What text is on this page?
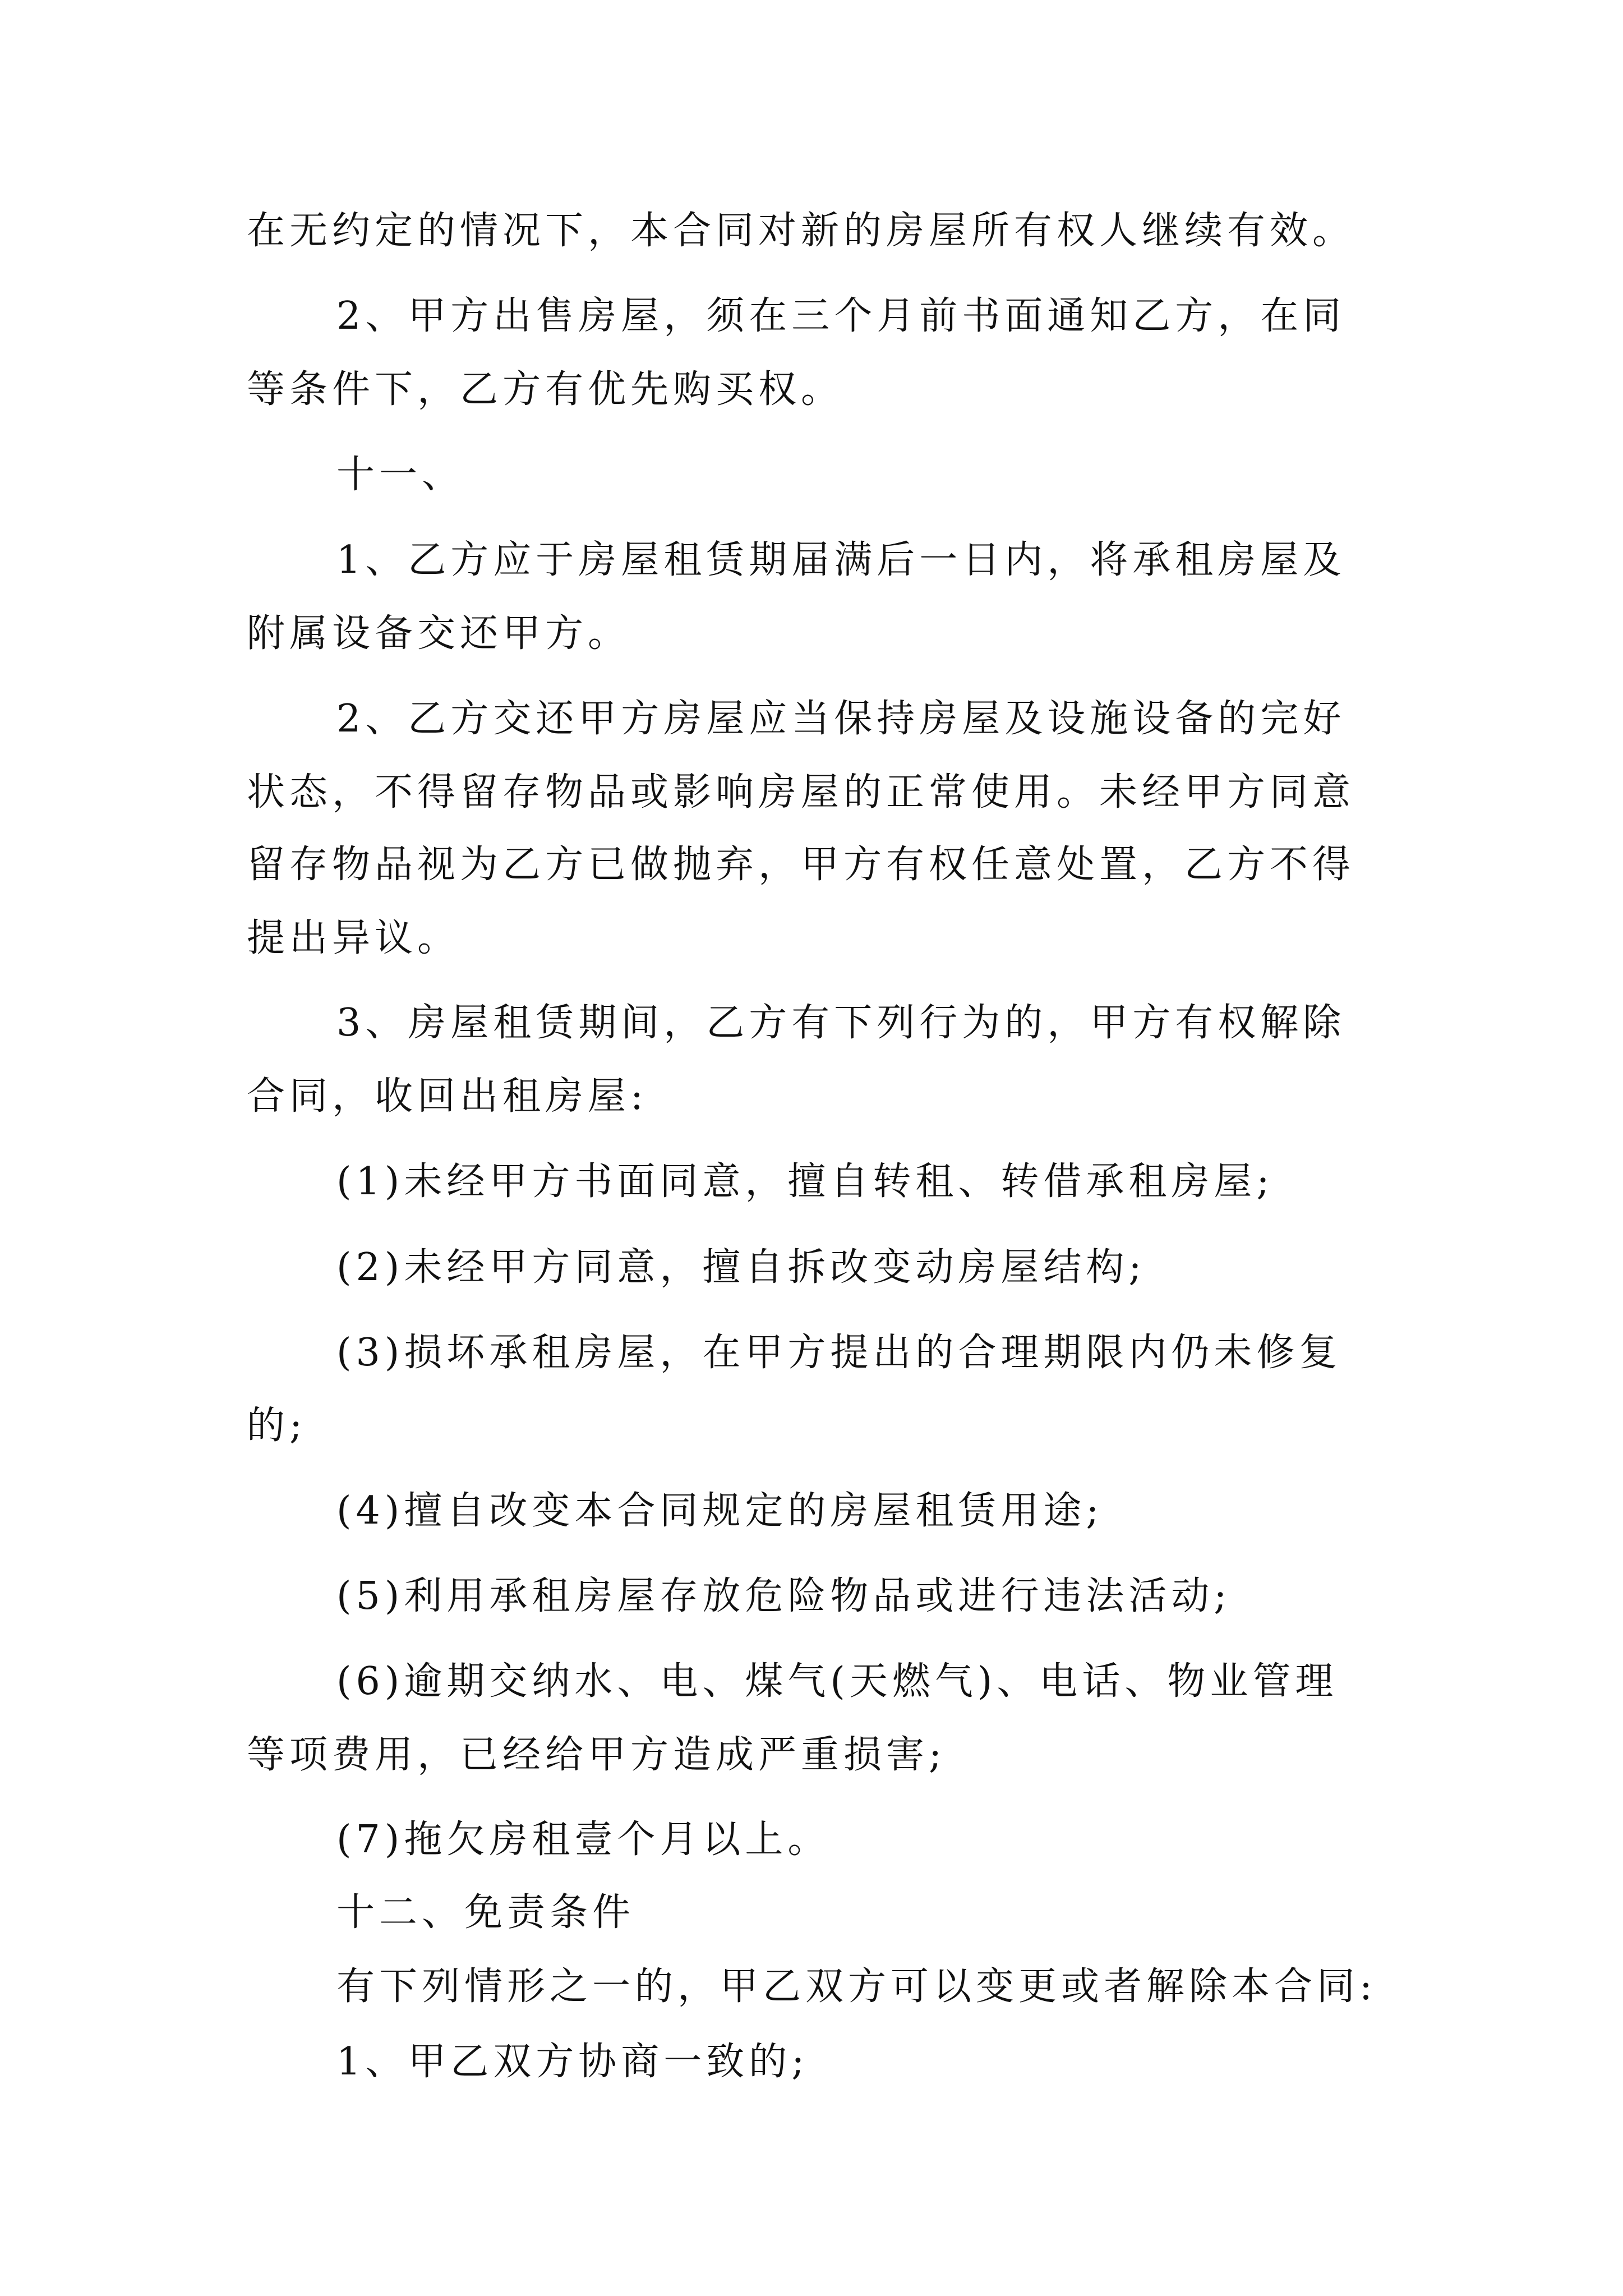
在无约定的情况下，本合同对新的房屋所有权人继续有效。
2、甲方出售房屋，须在三个月前书面通知乙方，在同
等条件下，乙方有优先购买权。
十一、
1、乙方应于房屋租赁期届满后一日内，将承租房屋及
附属设备交还甲方。
2、乙方交还甲方房屋应当保持房屋及设施设备的完好
状态，不得留存物品或影响房屋的正常使用。未经甲方同意
留存物品视为乙方已做抛弃，甲方有权任意处置，乙方不得
提出异议。
3、房屋租赁期间，乙方有下列行为的，甲方有权解除
合同，收回出租房屋:
(1)未经甲方书面同意，擅自转租、转借承租房屋;
(2)未经甲方同意，擅自拆改变动房屋结构;
(3)损坏承租房屋，在甲方提出的合理期限内仍未修复
的;
(4)擅自改变本合同规定的房屋租赁用途;
(5)利用承租房屋存放危险物品或进行违法活动;
(6)逾期交纳水、电、煤气(天燃气)、电话、物业管理
等项费用，已经给甲方造成严重损害;
(7)拖欠房租壹个月以上。
十二、免责条件
有下列情形之一的，甲乙双方可以变更或者解除本合同:
1、甲乙双方协商一致的;
